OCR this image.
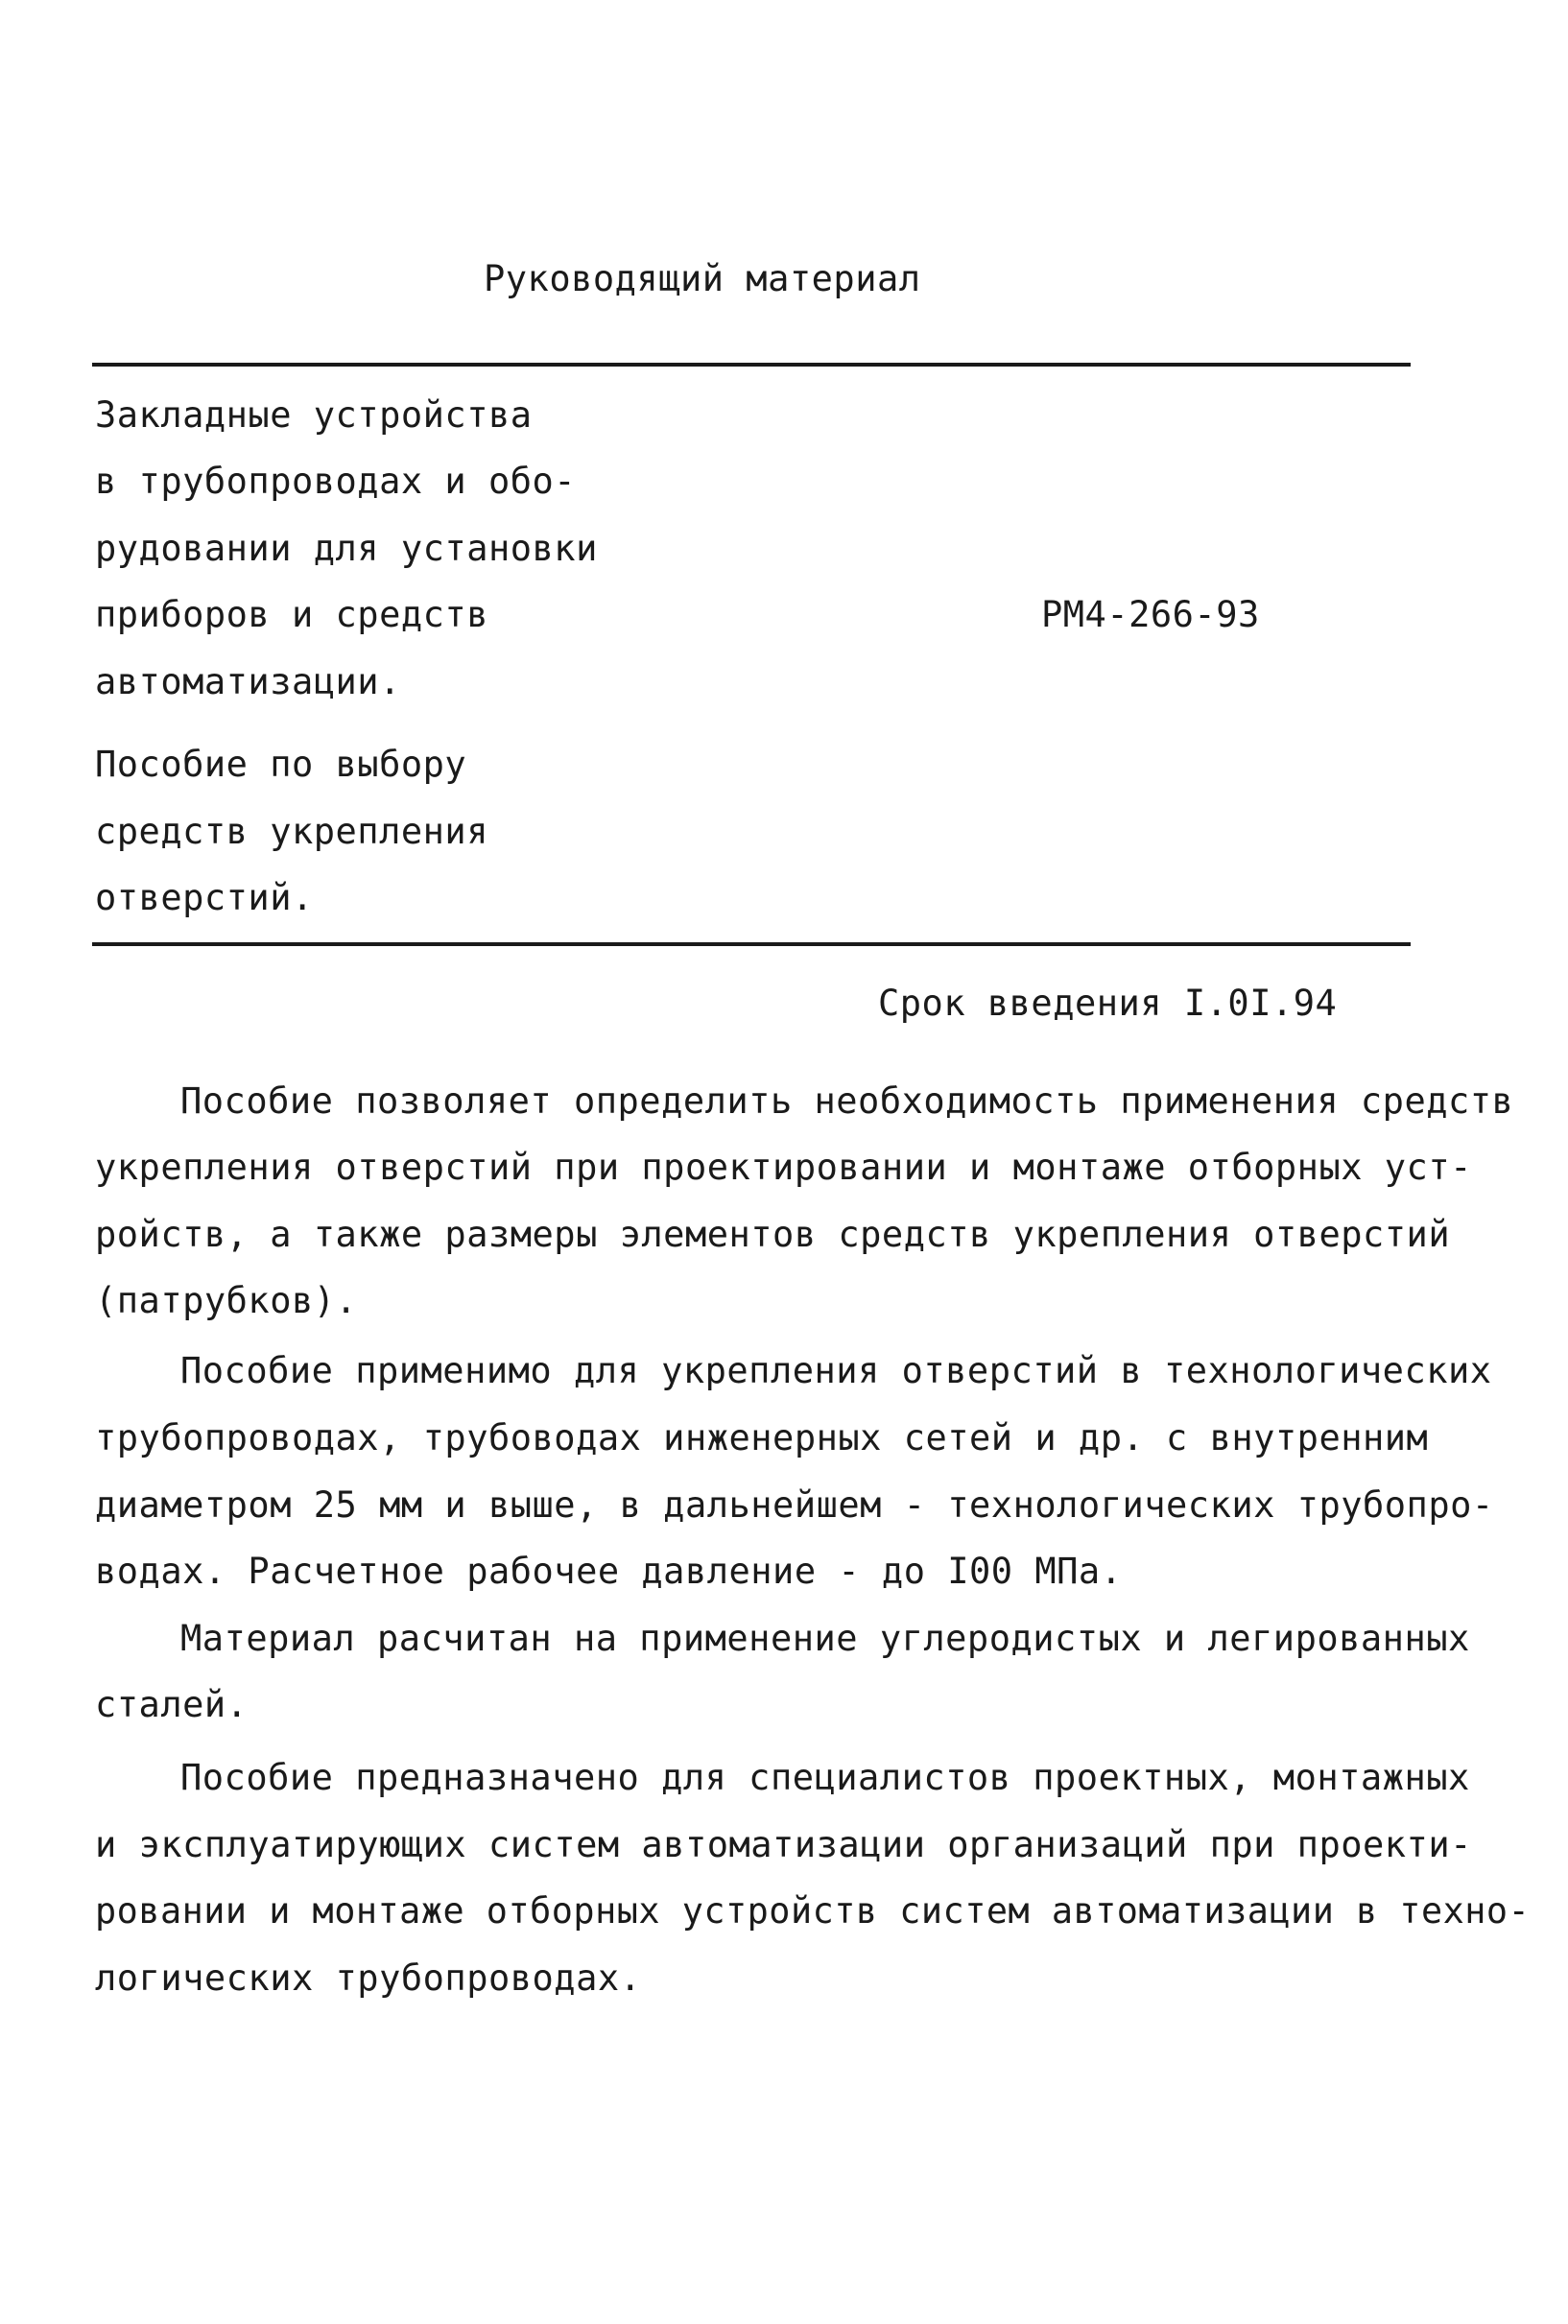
Руководящий материал
Закладные устройства
в трубопроводах и обо-
рудовании для установки
приборов и средств
автоматизации.
РМ4-266-93
Пособие по выбору
средств укрепления
отверстий.
Срок введения I.0I.94
Пособие позволяет определить необходимость применения средств
укрепления отверстий при проектировании и монтаже отборных уст-
ройств, а также размеры элементов средств укрепления отверстий
(патрубков).
Пособие применимо для укрепления отверстий в технологических
трубопроводах, трубоводах инженерных сетей и др. с внутренним
диаметром 25 мм и выше, в дальнейшем - технологических трубопро-
водах. Расчетное рабочее давление - до I00 МПа.
Материал расчитан на применение углеродистых и легированных
сталей.
Пособие предназначено для специалистов проектных, монтажных
и эксплуатирующих систем автоматизации организаций при проекти-
ровании и монтаже отборных устройств систем автоматизации в техно-
логических трубопроводах.
